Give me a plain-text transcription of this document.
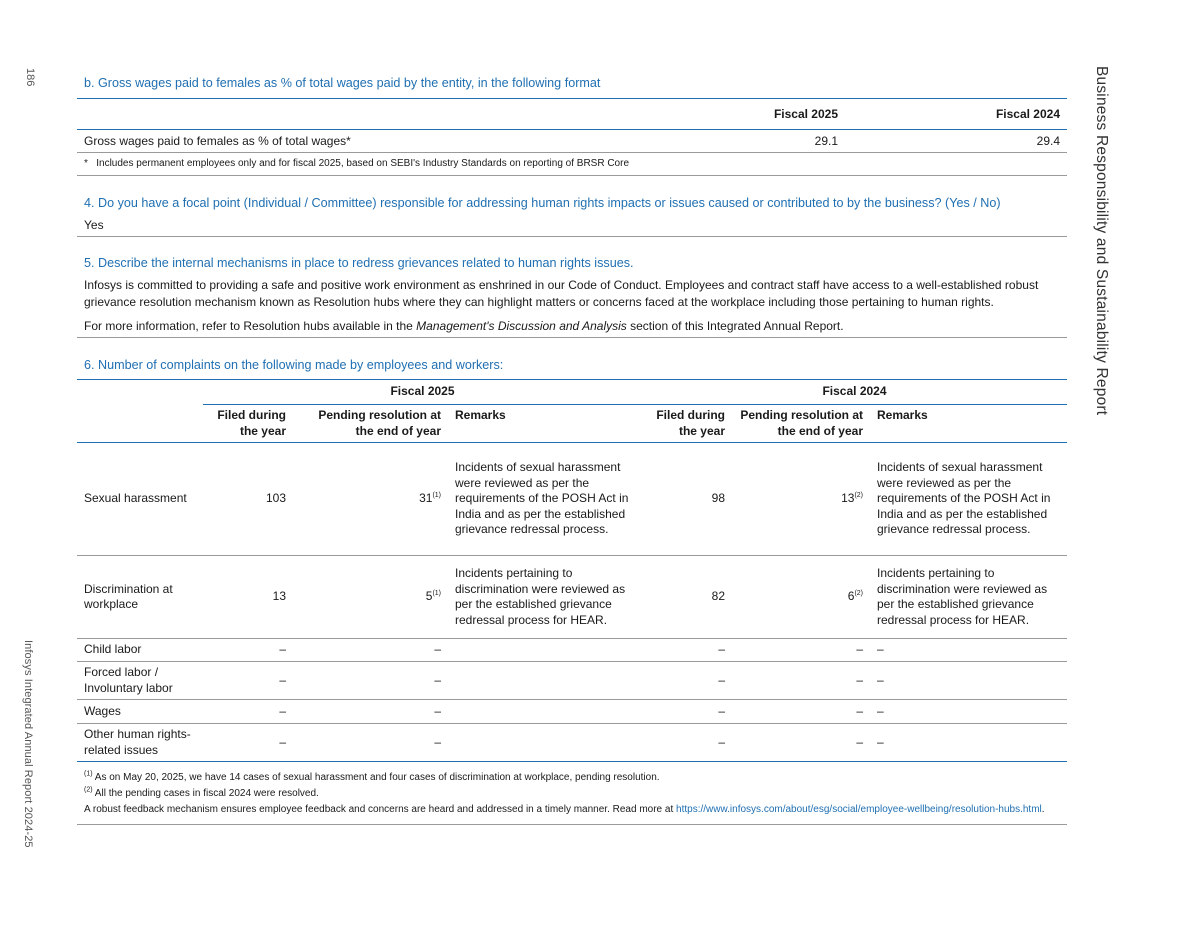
186
Infosys Integrated Annual Report 2024-25
Business Responsibility and Sustainability Report
b. Gross wages paid to females as % of total wages paid by the entity, in the following format
	Fiscal 2025	Fiscal 2024
Gross wages paid to females as % of total wages*	29.1	29.4
* Includes permanent employees only and for fiscal 2025, based on SEBI's Industry Standards on reporting of BRSR Core
4. Do you have a focal point (Individual / Committee) responsible for addressing human rights impacts or issues caused or contributed to by the business? (Yes / No)

Yes

5. Describe the internal mechanisms in place to redress grievances related to human rights issues.

Infosys is committed to providing a safe and positive work environment as enshrined in our Code of Conduct. Employees and contract staff have access to a well-established robust grievance resolution mechanism known as Resolution hubs where they can highlight matters or concerns faced at the workplace including those pertaining to human rights.

For more information, refer to Resolution hubs available in the Management's Discussion and Analysis section of this Integrated Annual Report.

6. Number of complaints on the following made by employees and workers:
	Fiscal 2025			Fiscal 2024		
	Filed during the year	Pending resolution at the end of year	Remarks	Filed during the year	Pending resolution at the end of year	Remarks
Sexual harassment	103	31$^{(1)}$	Incidents of sexual harassment were reviewed as per the requirements of the POSH Act in India and as per the established grievance redressal process.	98	13$^{(2)}$	Incidents of sexual harassment were reviewed as per the requirements of the POSH Act in India and as per the established grievance redressal process.
Discrimination at workplace	13	5$^{(1)}$	Incidents pertaining to discrimination were reviewed as per the established grievance redressal process for HEAR.	82	6$^{(2)}$	Incidents pertaining to discrimination were reviewed as per the established grievance redressal process for HEAR.
Child labor	–	–		–	–	–
Forced labor / Involuntary labor	–	–		–	–	–
Wages	–	–		–	–	–
Other human rights-related issues	–	–		–	–	–
$^{(1)}$ As on May 20, 2025, we have 14 cases of sexual harassment and four cases of discrimination at workplace, pending resolution.
$^{(2)}$ All the pending cases in fiscal 2024 were resolved.
A robust feedback mechanism ensures employee feedback and concerns are heard and addressed in a timely manner. Read more at https://www.infosys.com/about/esg/social/employee-wellbeing/resolution-hubs.html.
